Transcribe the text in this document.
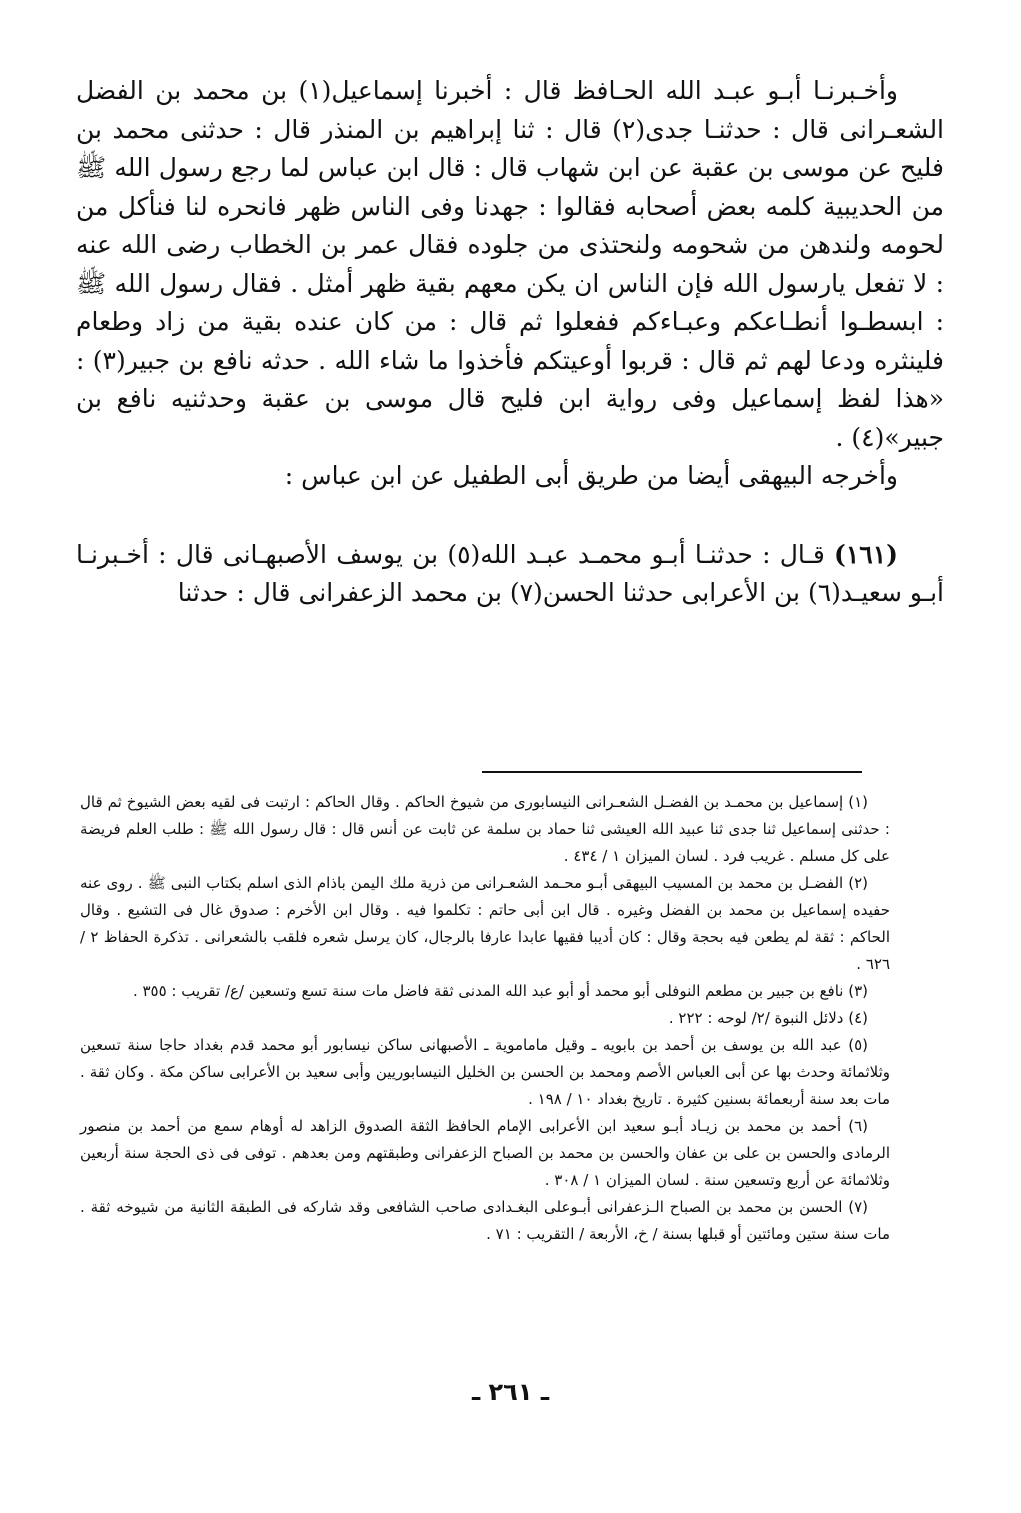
وأخـبرنـا أبـو عبـد الله الحـافظ قال : أخبرنا إسماعيل(١) بن محمد بن الفضل الشعـرانى قال : حدثنـا جدى(٢) قال : ثنا إبراهيم بن المنذر قال : حدثنى محمد بن فليح عن موسى بن عقبة عن ابن شهاب قال : قال ابن عباس لما رجع رسول الله ﷺ من الحديبية كلمه بعض أصحابه فقالوا : جهدنا وفى الناس ظهر فانحره لنا فنأكل من لحومه ولندهن من شحومه ولنحتذى من جلوده فقال عمر بن الخطاب رضى الله عنه : لا تفعل يارسول الله فإن الناس ان يكن معهم بقية ظهر أمثل . فقال رسول الله ﷺ : ابسطـوا أنطـاعكم وعبـاءكم ففعلوا ثم قال : من كان عنده بقية من زاد وطعام فلينثره ودعا لهم ثم قال : قربوا أوعيتكم فأخذوا ما شاء الله . حدثه نافع بن جبير(٣) : «هذا لفظ إسماعيل وفى رواية ابن فليح قال موسى بن عقبة وحدثنيه نافع بن جبير»(٤) .

وأخرجه البيهقى أيضا من طريق أبى الطفيل عن ابن عباس :

(١٦١) قـال : حدثنـا أبـو محمـد عبـد الله(٥) بن يوسف الأصبهـانى قال : أخـبرنـا أبـو سعيـد(٦) بن الأعرابى حدثنا الحسن(٧) بن محمد الزعفرانى قال : حدثنا

(١) إسماعيل بن محمـد بن الفضـل الشعـرانى النيسابورى من شيوخ الحاكم . وقال الحاكم : ارتبت فى لقيه بعض الشيوخ ثم قال : حدثنى إسماعيل ثنا جدى ثنا عبيد الله العيشى ثنا حماد بن سلمة عن ثابت عن أنس قال : قال رسول الله ﷺ : طلب العلم فريضة على كل مسلم . غريب فرد . لسان الميزان ١ / ٤٣٤ .

(٢) الفضـل بن محمد بن المسيب البيهقى أبـو محـمد الشعـرانى من ذرية ملك اليمن باذام الذى اسلم بكتاب النبى ﷺ . روى عنه حفيده إسماعيل بن محمد بن الفضل وغيره . قال ابن أبى حاتم : تكلموا فيه . وقال ابن الأخرم : صدوق غال فى التشيع . وقال الحاكم : ثقة لم يطعن فيه بحجة وقال : كان أديبا فقيها عابدا عارفا بالرجال، كان يرسل شعره فلقب بالشعرانى . تذكرة الحفاظ ٢ / ٦٢٦ .

(٣) نافع بن جبير بن مطعم النوفلى أبو محمد أو أبو عبد الله المدنى ثقة فاضل مات سنة تسع وتسعين /ع/ تقريب : ٣٥٥ .

(٤) دلائل النبوة /٢/ لوحه : ٢٢٢ .

(٥) عبد الله بن يوسف بن أحمد بن بابويه ـ وقيل ماماموية ـ الأصبهانى ساكن نيسابور أبو محمد قدم بغداد حاجا سنة تسعين وثلاثمائة وحدث بها عن أبى العباس الأصم ومحمد بن الحسن بن الخليل النيسابوريين وأبى سعيد بن الأعرابى ساكن مكة . وكان ثقة . مات بعد سنة أربعمائة بسنين كثيرة . تاريخ بغداد ١٠ / ١٩٨ .

(٦) أحمد بن محمد بن زيـاد أبـو سعيد ابن الأعرابى الإمام الحافظ الثقة الصدوق الزاهد له أوهام سمع من أحمد بن منصور الرمادى والحسن بن على بن عفان والحسن بن محمد بن الصباح الزعفرانى وطبقتهم ومن بعدهم . توفى فى ذى الحجة سنة أربعين وثلاثمائة عن أربع وتسعين سنة . لسان الميزان ١ / ٣٠٨ .

(٧) الحسن بن محمد بن الصباح الـزعفرانى أبـوعلى البغـدادى صاحب الشافعى وقد شاركه فى الطبقة الثانية من شيوخه ثقة . مات سنة ستين ومائتين أو قبلها بسنة / خ، الأربعة / التقريب : ٧١ .

ـ ٢٦١ ـ
